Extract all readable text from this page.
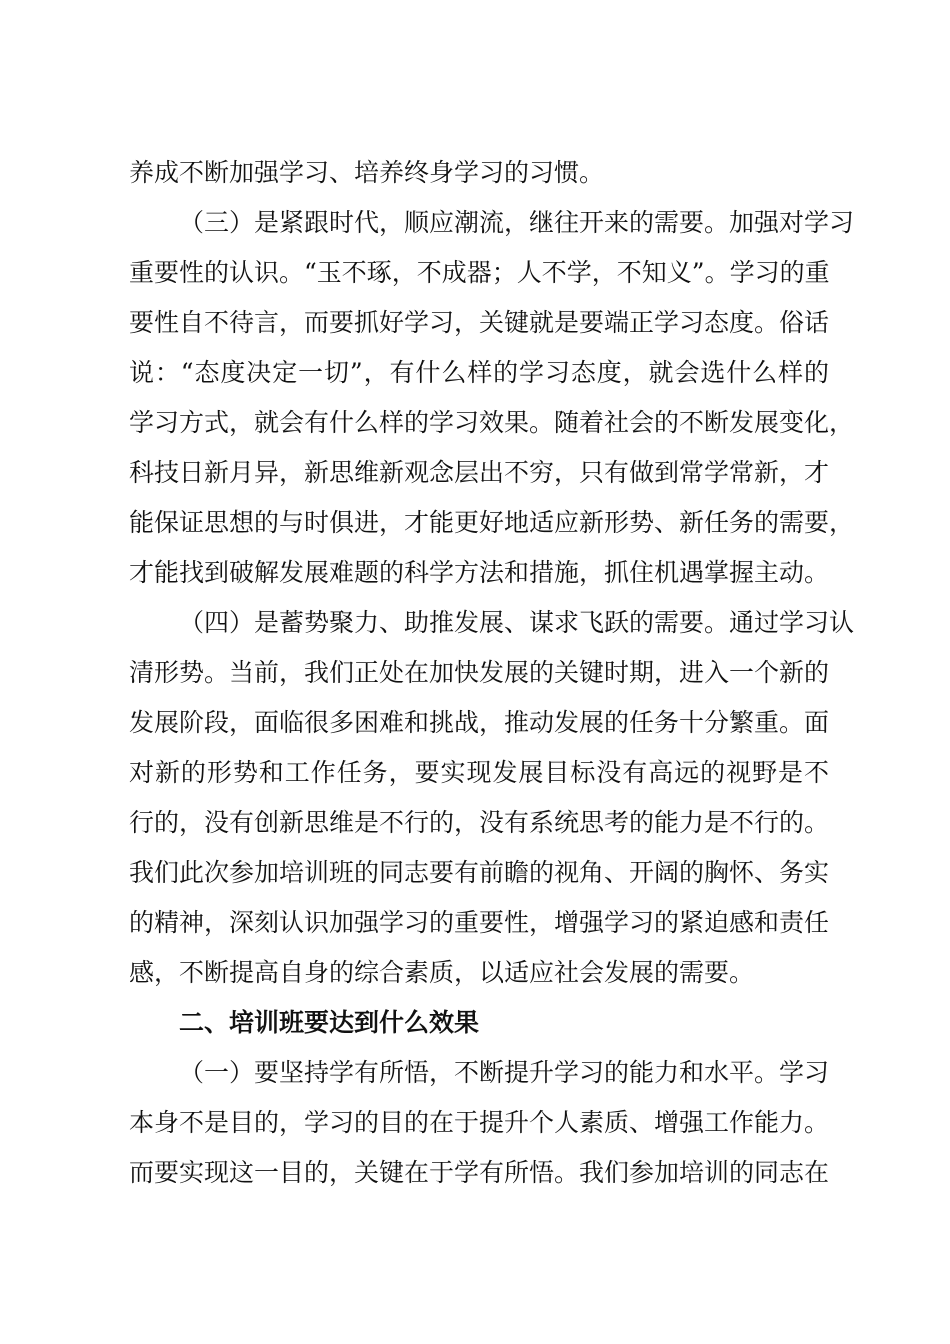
养成不断加强学习、培养终身学习的习惯。
（三）是紧跟时代，顺应潮流，继往开来的需要。加强对学习
重要性的认识。“玉不琢，不成器；人不学，不知义”。学习的重
要性自不待言，而要抓好学习，关键就是要端正学习态度。俗话
说：“态度决定一切”，有什么样的学习态度，就会选什么样的
学习方式，就会有什么样的学习效果。随着社会的不断发展变化，
科技日新月异，新思维新观念层出不穷，只有做到常学常新，才
能保证思想的与时俱进，才能更好地适应新形势、新任务的需要，
才能找到破解发展难题的科学方法和措施，抓住机遇掌握主动。
（四）是蓄势聚力、助推发展、谋求飞跃的需要。通过学习认
清形势。当前，我们正处在加快发展的关键时期，进入一个新的
发展阶段，面临很多困难和挑战，推动发展的任务十分繁重。面
对新的形势和工作任务，要实现发展目标没有高远的视野是不
行的，没有创新思维是不行的，没有系统思考的能力是不行的。
我们此次参加培训班的同志要有前瞻的视角、开阔的胸怀、务实
的精神，深刻认识加强学习的重要性，增强学习的紧迫感和责任
感，不断提高自身的综合素质，以适应社会发展的需要。
二、培训班要达到什么效果
（一）要坚持学有所悟，不断提升学习的能力和水平。学习
本身不是目的，学习的目的在于提升个人素质、增强工作能力。
而要实现这一目的，关键在于学有所悟。我们参加培训的同志在
